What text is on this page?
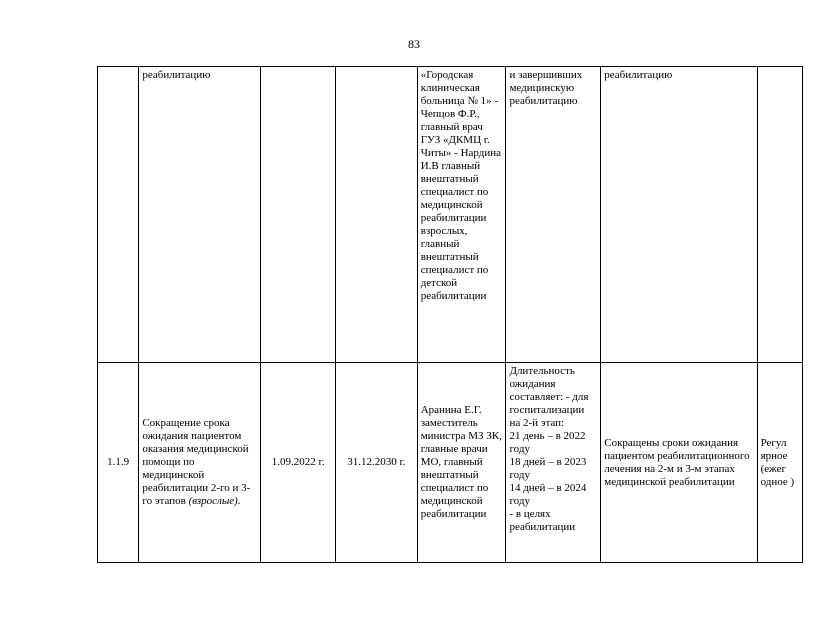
83
	реабилитацию			«Городская клиническая больница № 1» - Чепцов Ф.Р., главный врач ГУЗ «ДКМЦ г. Читы» - Нардина И.В главный внештатный специалист по медицинской реабилитации взрослых, главный внештатный специалист по детской реабилитации	и завершивших медицинскую реабилитацию	реабилитацию	
1.1.9	Сокращение срока ожидания пациентом оказания медицинской помощи по медицинской реабилитации 2-го и 3-го этапов (взрослые).	1.09.2022 г.	31.12.2030 г.	Аранина Е.Г. заместитель министра МЗ ЗК, главные врачи МО, главный внештатный специалист по медицинской реабилитации	Длительность ожидания составляет: - для госпитализации на 2-й этап:
21 день – в 2022 году
18 дней – в 2023 году
14 дней – в 2024 году
- в целях реабилитации	Сокращены сроки ожидания пациентом реабилитационного лечения на 2-м и 3-м этапах медицинской реабилитации	Регул ярное (ежег одное )
